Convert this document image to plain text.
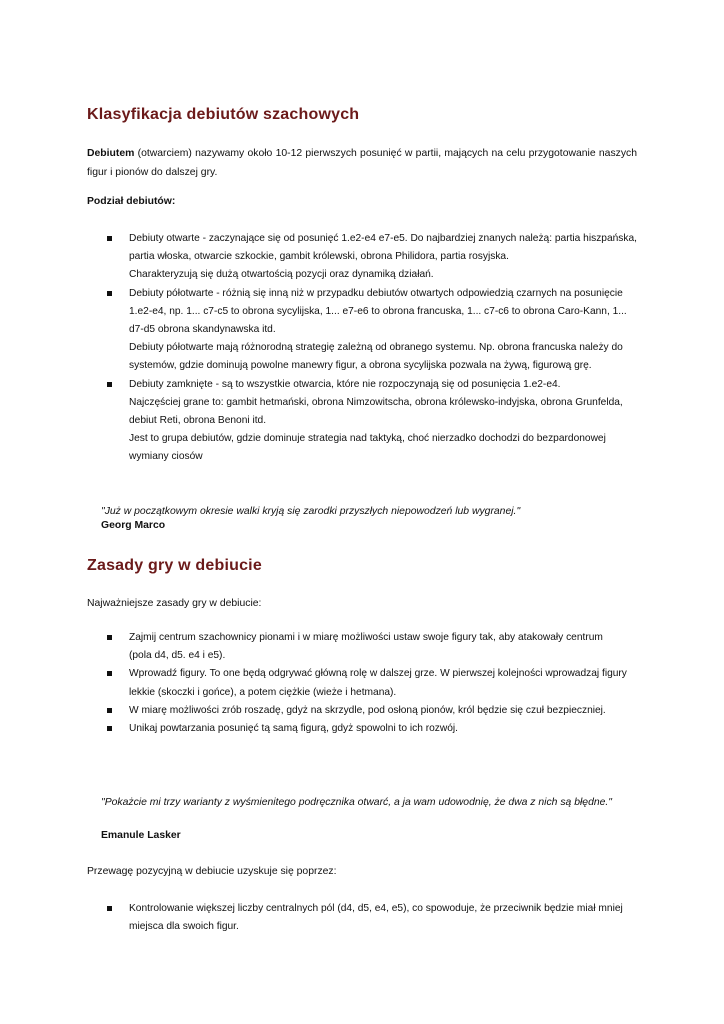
Klasyfikacja debiutów szachowych

Debiutem (otwarciem) nazywamy około 10-12 pierwszych posunięć w partii, mających na celu przygotowanie naszych figur i pionów do dalszej gry.

Podział debiutów:

Debiuty otwarte - zaczynające się od posunięć 1.e2-e4 e7-e5. Do najbardziej znanych należą: partia hiszpańska, partia włoska, otwarcie szkockie, gambit królewski, obrona Philidora, partia rosyjska.
Charakteryzują się dużą otwartością pozycji oraz dynamiką działań.
Debiuty półotwarte - różnią się inną niż w przypadku debiutów otwartych odpowiedzią czarnych na posunięcie 1.e2-e4, np. 1... c7-c5 to obrona sycylijska, 1... e7-e6 to obrona francuska, 1... c7-c6 to obrona Caro-Kann, 1... d7-d5 obrona skandynawska itd.
Debiuty półotwarte mają różnorodną strategię zależną od obranego systemu. Np. obrona francuska należy do systemów, gdzie dominują powolne manewry figur, a obrona sycylijska pozwala na żywą, figurową grę.
Debiuty zamknięte - są to wszystkie otwarcia, które nie rozpoczynają się od posunięcia 1.e2-e4.
Najczęściej grane to: gambit hetmański, obrona Nimzowitscha, obrona królewsko-indyjska, obrona Grunfelda, debiut Reti, obrona Benoni itd.
Jest to grupa debiutów, gdzie dominuje strategia nad taktyką, choć nierzadko dochodzi do bezpardonowej wymiany ciosów

"Już w początkowym okresie walki kryją się zarodki przyszłych niepowodzeń lub wygranej."

Georg Marco

Zasady gry w debiucie

Najważniejsze zasady gry w debiucie:

Zajmij centrum szachownicy pionami i w miarę możliwości ustaw swoje figury tak, aby atakowały centrum
(pola d4, d5. e4 i e5).
Wprowadź figury. To one będą odgrywać główną rolę w dalszej grze. W pierwszej kolejności wprowadzaj figury lekkie (skoczki i gońce), a potem ciężkie (wieże i hetmana).
W miarę możliwości zrób roszadę, gdyż na skrzydle, pod osłoną pionów, król będzie się czuł bezpieczniej.
Unikaj powtarzania posunięć tą samą figurą, gdyż spowolni to ich rozwój.

"Pokażcie mi trzy warianty z wyśmienitego podręcznika otwarć, a ja wam udowodnię, że dwa z nich są błędne."

Emanule Lasker

Przewagę pozycyjną w debiucie uzyskuje się poprzez:

Kontrolowanie większej liczby centralnych pól (d4, d5, e4, e5), co spowoduje, że przeciwnik będzie miał mniej miejsca dla swoich figur.
